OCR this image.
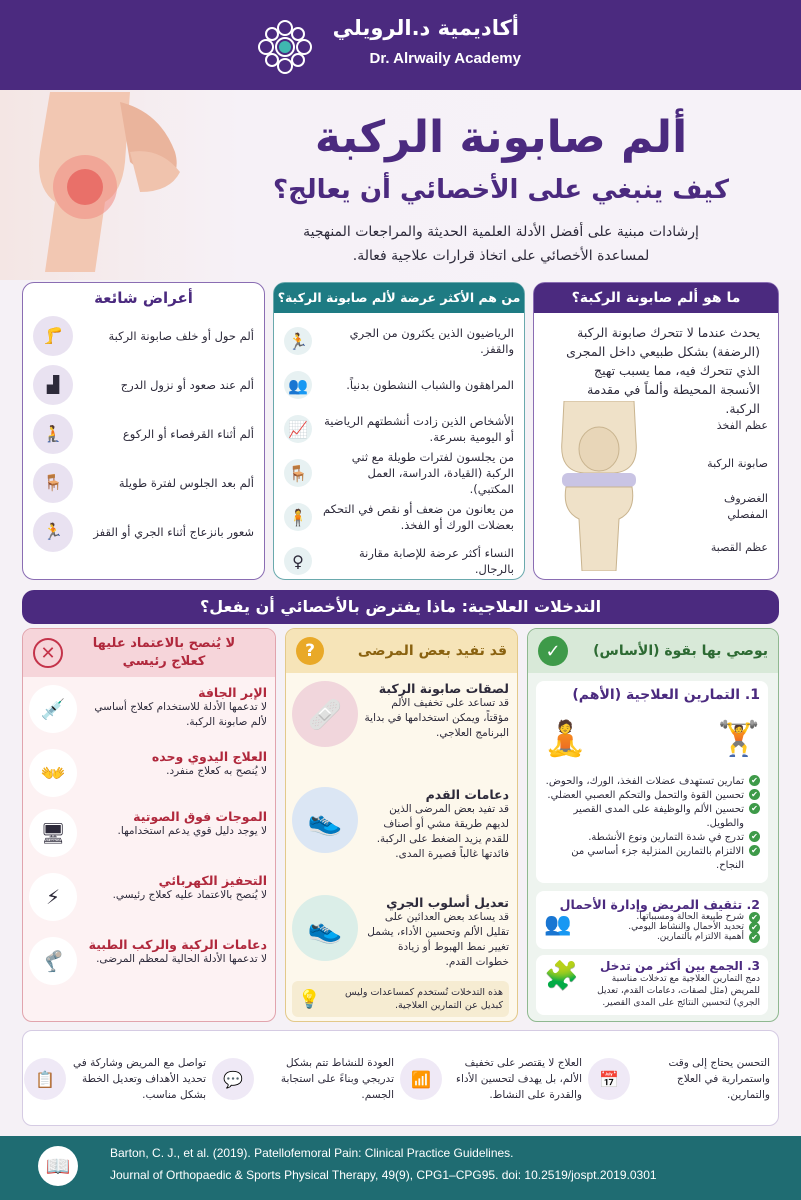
أكاديمية د.الرويلي
Dr. Alrwaily Academy
ألم صابونة الركبة
كيف ينبغي على الأخصائي أن يعالج؟
إرشادات مبنية على أفضل الأدلة العلمية الحديثة والمراجعات المنهجية
لمساعدة الأخصائي على اتخاذ قرارات علاجية فعالة.
ما هو ألم صابونة الركبة؟
يحدث عندما لا تتحرك صابونة الركبة (الرضفة) بشكل طبيعي داخل المجرى الذي تتحرك فيه، مما يسبب تهيج الأنسجة المحيطة وألماً في مقدمة الركبة.
عظم الفخذ
صابونة الركبة
الغضروف المفصلي
عظم القصبة
من هم الأكثر عرضة لألم صابونة الركبة؟
الرياضيون الذين يكثرون من الجري والقفز.
🏃
المراهقون والشباب النشطون بدنياً.
👥
الأشخاص الذين زادت أنشطتهم الرياضية أو اليومية بسرعة.
📈
من يجلسون لفترات طويلة مع ثني الركبة (القيادة، الدراسة، العمل المكتبي).
🪑
من يعانون من ضعف أو نقص في التحكم بعضلات الورك أو الفخذ.
🧍
النساء أكثر عرضة للإصابة مقارنة بالرجال.
♀
أعراض شائعة
ألم حول أو خلف صابونة الركبة
🦵
ألم عند صعود أو نزول الدرج
▟
ألم أثناء القرفصاء أو الركوع
🧎
ألم بعد الجلوس لفترة طويلة
🪑
شعور بانزعاج أثناء الجري أو القفز
🏃
التدخلات العلاجية: ماذا يفترض بالأخصائي أن يفعل؟
يوصي بها بقوة (الأساس)
✓
1. التمارين العلاجية (الأهم)
🏋
🧘
✔ تمارين تستهدف عضلات الفخذ، الورك، والحوض.
✔ تحسين القوة والتحمل والتحكم العصبي العضلي.
✔ تحسين الألم والوظيفة على المدى القصير والطويل.
✔ تدرج في شدة التمارين ونوع الأنشطة.
✔ الالتزام بالتمارين المنزلية جزء أساسي من النجاح.
2. تثقيف المريض وإدارة الأحمال
✔ شرح طبيعة الحالة ومسبباتها.
✔ تحديد الأحمال والنشاط اليومي.
✔ أهمية الالتزام بالتمارين.
👥
3. الجمع بين أكثر من تدخل
دمج التمارين العلاجية مع تدخلات مناسبة للمريض (مثل لصقات، دعامات القدم، تعديل الجري) لتحسين النتائج على المدى القصير.
🧩
قد تفيد بعض المرضى
?
لصقات صابونة الركبة
قد تساعد على تخفيف الألم مؤقتاً، ويمكن استخدامها في بداية البرنامج العلاجي.
🩹
دعامات القدم
قد تفيد بعض المرضى الذين لديهم طريقة مشي أو أصناف للقدم يزيد الضغط على الركبة. فائدتها غالباً قصيرة المدى.
👟
تعديل أسلوب الجري
قد يساعد بعض العدائين على تقليل الألم وتحسين الأداء، يشمل تغيير نمط الهبوط أو زيادة خطوات القدم.
👟
هذه التدخلات تُستخدم كمساعدات وليس كبديل عن التمارين العلاجية.
💡
لا يُنصح بالاعتماد عليها
كعلاج رئيسي
✕
الإبر الجافة
لا تدعمها الأدلة للاستخدام كعلاج أساسي لألم صابونة الركبة.
💉
العلاج اليدوي وحده
لا يُنصح به كعلاج منفرد.
👐
الموجات فوق الصوتية
لا يوجد دليل قوي يدعم استخدامها.
🖥
التحفيز الكهربائي
لا يُنصح بالاعتماد عليه كعلاج رئيسي.
⚡
دعامات الركبة والركب الطبية
لا تدعمها الأدلة الحالية لمعظم المرضى.
🦿
التحسن يحتاج إلى وقت واستمرارية في العلاج والتمارين.
📅
العلاج لا يقتصر على تخفيف الألم، بل يهدف لتحسين الأداء والقدرة على النشاط.
📶
العودة للنشاط تتم بشكل تدريجي وبناءً على استجابة الجسم.
💬
تواصل مع المريض وشاركة في تحديد الأهداف وتعديل الخطة بشكل مناسب.
📋
📖
Barton, C. J., et al. (2019). Patellofemoral Pain: Clinical Practice Guidelines.
Journal of Orthopaedic & Sports Physical Therapy, 49(9), CPG1–CPG95. doi: 10.2519/jospt.2019.0301
